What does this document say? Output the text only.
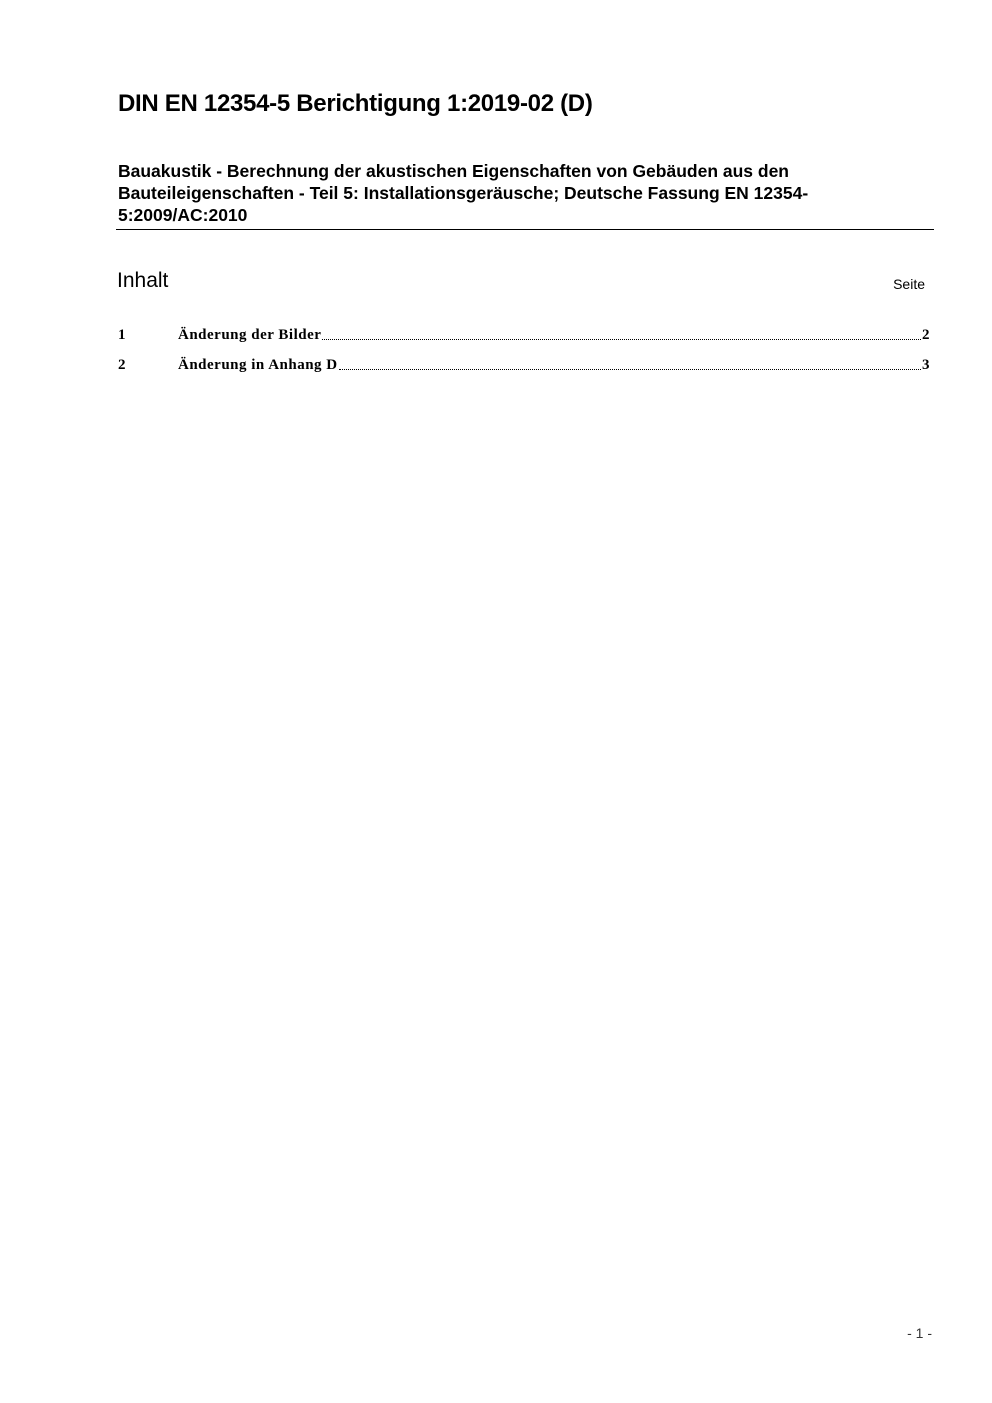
DIN EN 12354-5 Berichtigung 1:2019-02 (D)
Bauakustik - Berechnung der akustischen Eigenschaften von Gebäuden aus den
Bauteileigenschaften - Teil 5: Installationsgeräusche; Deutsche Fassung EN 12354-
5:2009/AC:2010
Inhalt	Seite
1	Änderung der Bilder	2
2	Änderung in Anhang D	3
- 1 -
